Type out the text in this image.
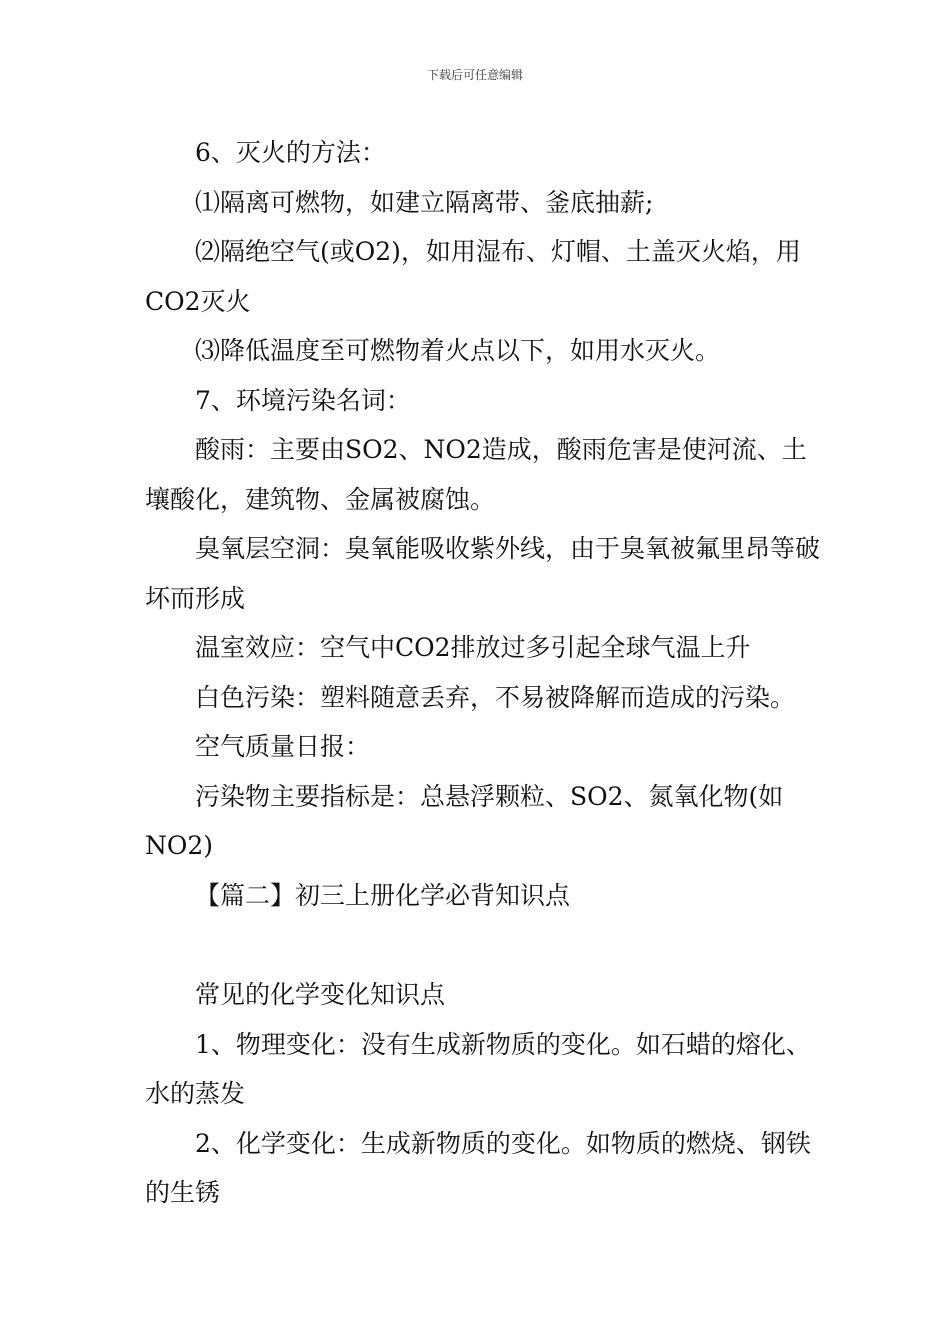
下载后可任意编辑

6、灭火的方法：

⑴隔离可燃物，如建立隔离带、釜底抽薪;

⑵隔绝空气(或O2)，如用湿布、灯帽、土盖灭火焰，用CO2灭火

⑶降低温度至可燃物着火点以下，如用水灭火。

7、环境污染名词：

酸雨：主要由SO2、NO2造成，酸雨危害是使河流、土壤酸化，建筑物、金属被腐蚀。

臭氧层空洞：臭氧能吸收紫外线，由于臭氧被氟里昂等破坏而形成

温室效应：空气中CO2排放过多引起全球气温上升

白色污染：塑料随意丢弃，不易被降解而造成的污染。

空气质量日报：

污染物主要指标是：总悬浮颗粒、SO2、氮氧化物(如NO2)

【篇二】初三上册化学必背知识点

常见的化学变化知识点

1、物理变化：没有生成新物质的变化。如石蜡的熔化、水的蒸发

2、化学变化：生成新物质的变化。如物质的燃烧、钢铁的生锈
